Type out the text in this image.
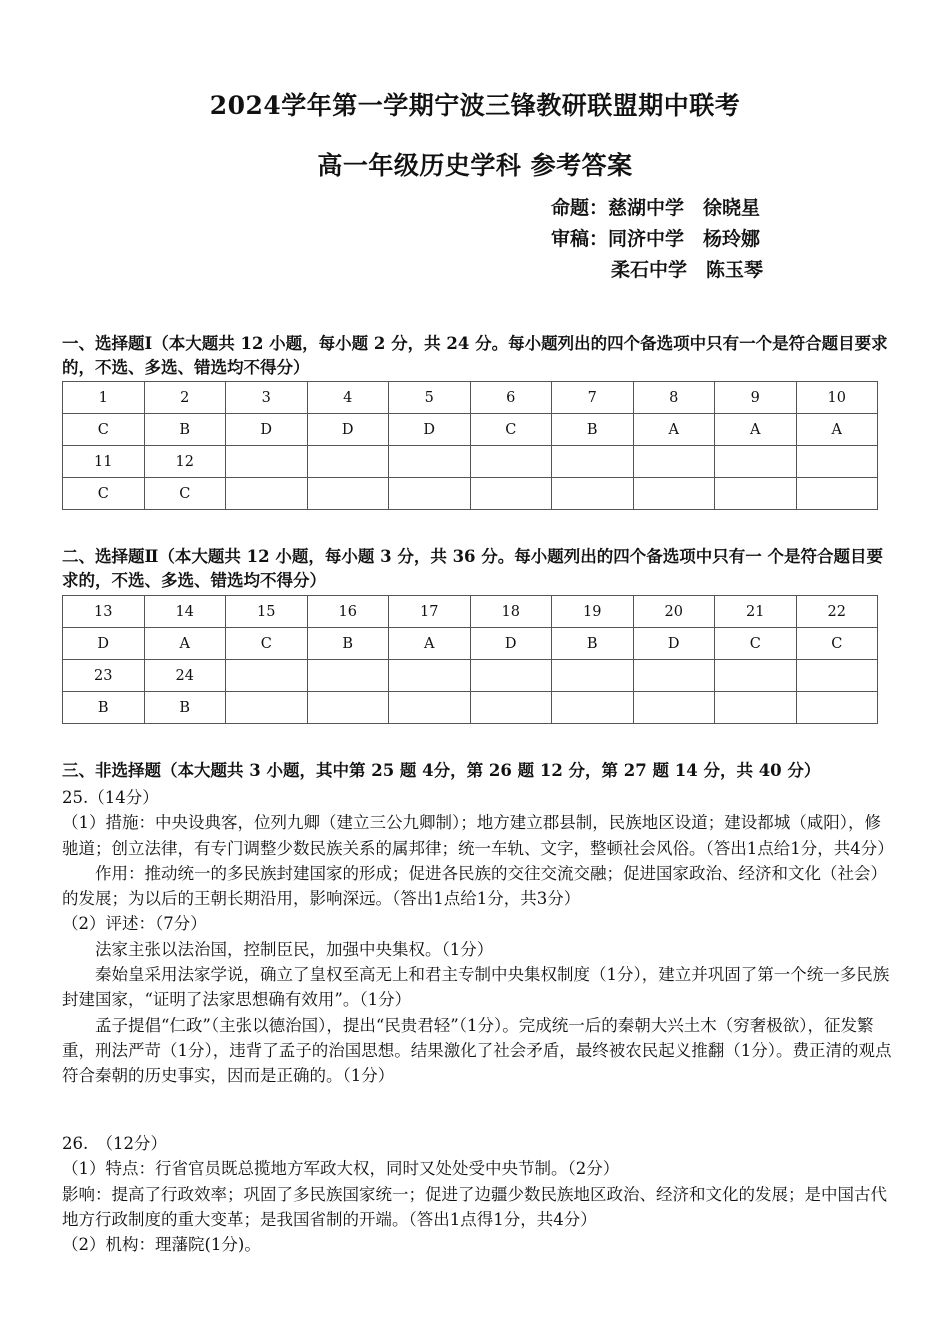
2024学年第一学期宁波三锋教研联盟期中联考
高一年级历史学科 参考答案
命题：慈湖中学　徐晓星
审稿：同济中学　杨玲娜
柔石中学　陈玉琴
一、选择题Ⅰ（本大题共 12 小题，每小题 2 分，共 24 分。每小题列出的四个备选项中只有一个是符合题目要求的，不选、多选、错选均不得分）
1	2	3	4	5	6	7	8	9	10
C	B	D	D	D	C	B	A	A	A
11	12								
C	C								
二、选择题Ⅱ（本大题共 12 小题，每小题 3 分，共 36 分。每小题列出的四个备选项中只有一 个是符合题目要求的，不选、多选、错选均不得分）
13	14	15	16	17	18	19	20	21	22
D	A	C	B	A	D	B	D	C	C
23	24								
B	B								
三、非选择题（本大题共 3 小题，其中第 25 题 4分，第 26 题 12 分，第 27 题 14 分，共 40 分）

25.（14分）

（1）措施：中央设典客，位列九卿（建立三公九卿制）；地方建立郡县制，民族地区设道；建设都城（咸阳），修驰道；创立法律，有专门调整少数民族关系的属邦律；统一车轨、文字，整顿社会风俗。（答出1点给1分，共4分）

作用：推动统一的多民族封建国家的形成；促进各民族的交往交流交融；促进国家政治、经济和文化（社会）的发展；为以后的王朝长期沿用，影响深远。（答出1点给1分，共3分）

（2）评述：（7分）

法家主张以法治国，控制臣民，加强中央集权。（1分）

秦始皇采用法家学说，确立了皇权至高无上和君主专制中央集权制度（1分），建立并巩固了第一个统一多民族封建国家，“证明了法家思想确有效用”。（1分）

孟子提倡“仁政”（主张以德治国），提出“民贵君轻”（1分）。完成统一后的秦朝大兴土木（穷奢极欲），征发繁重，刑法严苛（1分），违背了孟子的治国思想。结果激化了社会矛盾，最终被农民起义推翻（1分）。费正清的观点符合秦朝的历史事实，因而是正确的。（1分）

26.　（12分）

（1）特点：行省官员既总揽地方军政大权，同时又处处受中央节制。（2分）

影响：提高了行政效率；巩固了多民族国家统一；促进了边疆少数民族地区政治、经济和文化的发展；是中国古代地方行政制度的重大变革；是我国省制的开端。（答出1点得1分，共4分）

（2）机构：理藩院(1分)。
